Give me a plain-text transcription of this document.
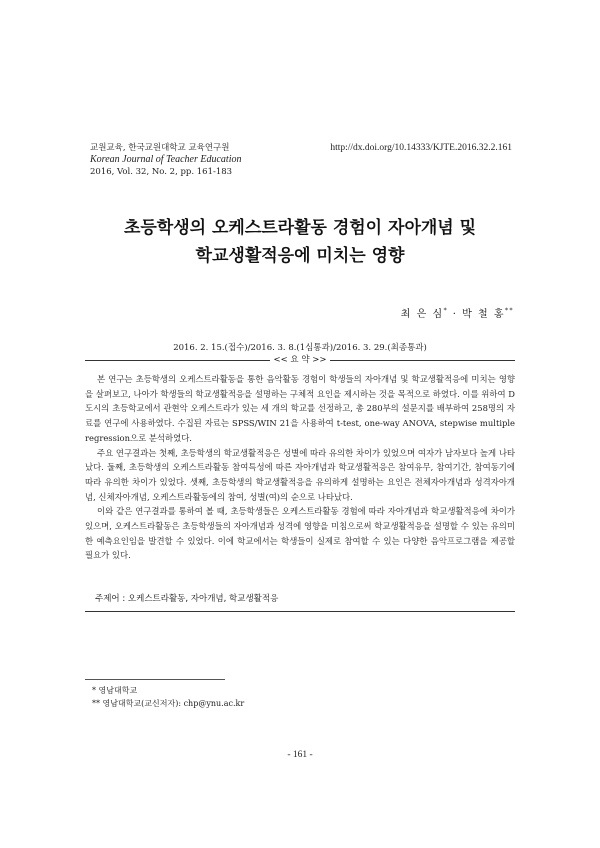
교원교육, 한국교원대학교 교육연구원
Korean Journal of Teacher Education
2016, Vol. 32, No. 2, pp. 161-183
http://dx.doi.org/10.14333/KJTE.2016.32.2.161
초등학생의 오케스트라활동 경험이 자아개념 및
학교생활적응에 미치는 영향
최 은 심* · 박 철 홍**
2016. 2. 15.(접수)/2016. 3. 8.(1심통과)/2016. 3. 29.(최종통과)
<< 요 약 >>

본 연구는 초등학생의 오케스트라활동을 통한 음악활동 경험이 학생들의 자아개념 및 학교생활적응에 미치는 영향을 살펴보고, 나아가 학생들의 학교생활적응을 설명하는 구체적 요인을 제시하는 것을 목적으로 하였다. 이를 위하여 D도시의 초등학교에서 관현악 오케스트라가 있는 세 개의 학교를 선정하고, 총 280부의 설문지를 배부하여 258명의 자료를 연구에 사용하였다. 수집된 자료는 SPSS/WIN 21을 사용하여 t-test, one-way ANOVA, stepwise multiple regression으로 분석하였다.

주요 연구결과는 첫째, 초등학생의 학교생활적응은 성별에 따라 유의한 차이가 있었으며 여자가 남자보다 높게 나타났다. 둘째, 초등학생의 오케스트라활동 참여특성에 따른 자아개념과 학교생활적응은 참여유무, 참여기간, 참여동기에 따라 유의한 차이가 있었다. 셋째, 초등학생의 학교생활적응을 유의하게 설명하는 요인은 전체자아개념과 성격자아개념, 신체자아개념, 오케스트라활동에의 참여, 성별(여)의 순으로 나타났다.

이와 같은 연구결과를 통하여 볼 때, 초등학생들은 오케스트라활동 경험에 따라 자아개념과 학교생활적응에 차이가 있으며, 오케스트라활동은 초등학생들의 자아개념과 성격에 영향을 미침으로써 학교생활적응을 설명할 수 있는 유의미한 예측요인임을 발견할 수 있었다. 이에 학교에서는 학생들이 실제로 참여할 수 있는 다양한 음악프로그램을 제공할 필요가 있다.

주제어 : 오케스트라활동, 자아개념, 학교생활적응
* 영남대학교
** 영남대학교(교신저자): chp@ynu.ac.kr
- 161 -
